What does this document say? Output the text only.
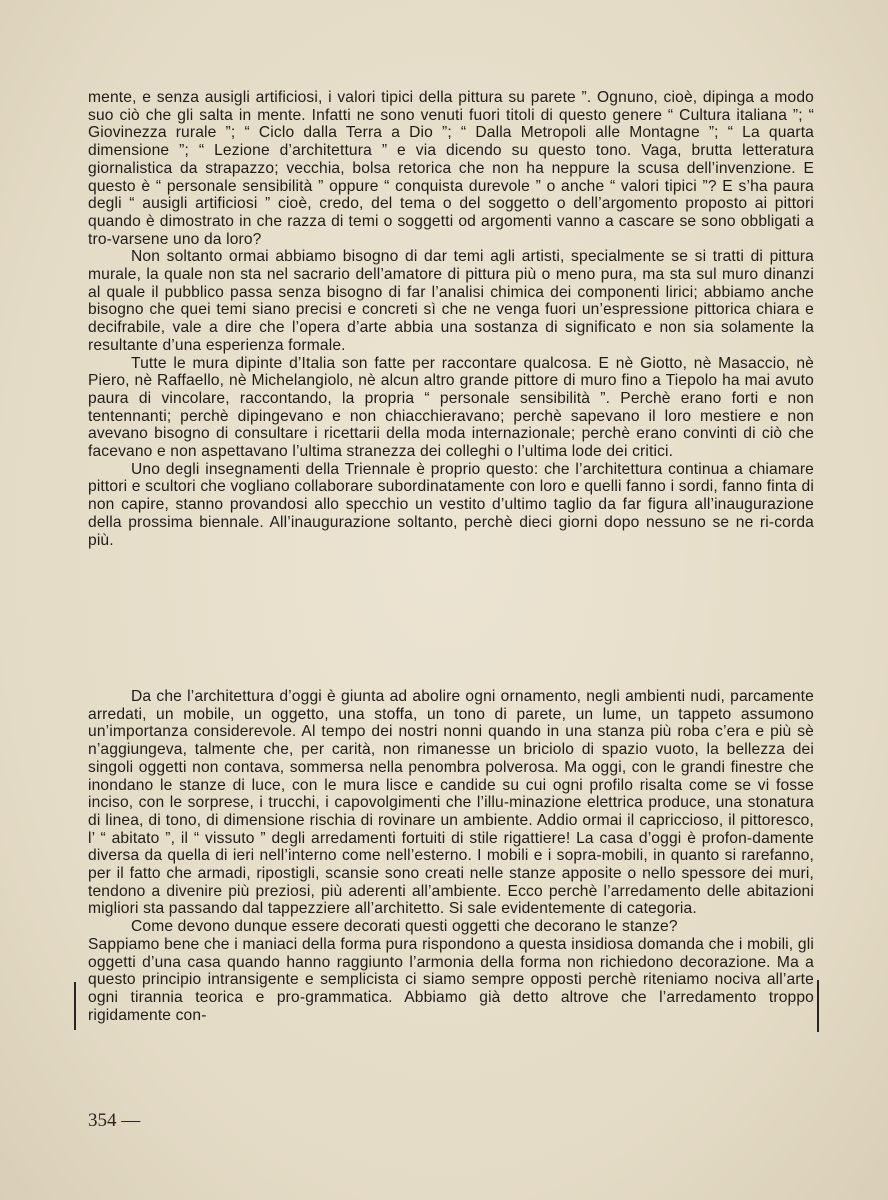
mente, e senza ausigli artificiosi, i valori tipici della pittura su parete ”. Ognuno, cioè, dipinga a modo suo ciò che gli salta in mente. Infatti ne sono venuti fuori titoli di questo genere “ Cultura italiana ”; “ Giovinezza rurale ”; “ Ciclo dalla Terra a Dio ”; “ Dalla Metropoli alle Montagne ”; “ La quarta dimensione ”; “ Lezione d’architettura ” e via dicendo su questo tono. Vaga, brutta letteratura giornalistica da strapazzo; vecchia, bolsa retorica che non ha neppure la scusa dell’invenzione. E questo è “ personale sensibilità ” oppure “ conquista durevole ” o anche “ valori tipici ”? E s’ha paura degli “ ausigli artificiosi ” cioè, credo, del tema o del soggetto o dell’argomento proposto ai pittori quando è dimostrato in che razza di temi o soggetti od argomenti vanno a cascare se sono obbligati a tro-varsene uno da loro?

Non soltanto ormai abbiamo bisogno di dar temi agli artisti, specialmente se si tratti di pittura murale, la quale non sta nel sacrario dell’amatore di pittura più o meno pura, ma sta sul muro dinanzi al quale il pubblico passa senza bisogno di far l’analisi chimica dei componenti lirici; abbiamo anche bisogno che quei temi siano precisi e concreti sì che ne venga fuori un’espressione pittorica chiara e decifrabile, vale a dire che l’opera d’arte abbia una sostanza di significato e non sia solamente la resultante d’una esperienza formale.

Tutte le mura dipinte d’Italia son fatte per raccontare qualcosa. E nè Giotto, nè Masaccio, nè Piero, nè Raffaello, nè Michelangiolo, nè alcun altro grande pittore di muro fino a Tiepolo ha mai avuto paura di vincolare, raccontando, la propria “ personale sensibilità ”. Perchè erano forti e non tentennanti; perchè dipingevano e non chiacchieravano; perchè sapevano il loro mestiere e non avevano bisogno di consultare i ricettarii della moda internazionale; perchè erano convinti di ciò che facevano e non aspettavano l’ultima stranezza dei colleghi o l’ultima lode dei critici.

Uno degli insegnamenti della Triennale è proprio questo: che l’architettura continua a chiamare pittori e scultori che vogliano collaborare subordinatamente con loro e quelli fanno i sordi, fanno finta di non capire, stanno provandosi allo specchio un vestito d’ultimo taglio da far figura all’inaugurazione della prossima biennale. All’inaugurazione soltanto, perchè dieci giorni dopo nessuno se ne ri-corda più.

Da che l’architettura d’oggi è giunta ad abolire ogni ornamento, negli ambienti nudi, parcamente arredati, un mobile, un oggetto, una stoffa, un tono di parete, un lume, un tappeto assumono un’importanza considerevole. Al tempo dei nostri nonni quando in una stanza più roba c’era e più sè n’aggiungeva, talmente che, per carità, non rimanesse un briciolo di spazio vuoto, la bellezza dei singoli oggetti non contava, sommersa nella penombra polverosa. Ma oggi, con le grandi finestre che inondano le stanze di luce, con le mura lisce e candide su cui ogni profilo risalta come se vi fosse inciso, con le sorprese, i trucchi, i capovolgimenti che l’illu-minazione elettrica produce, una stonatura di linea, di tono, di dimensione rischia di rovinare un ambiente. Addio ormai il capriccioso, il pittoresco, l’ “ abitato ”, il “ vissuto ” degli arredamenti fortuiti di stile rigattiere! La casa d’oggi è profon-damente diversa da quella di ieri nell’interno come nell’esterno. I mobili e i sopra-mobili, in quanto si rarefanno, per il fatto che armadi, ripostigli, scansie sono creati nelle stanze apposite o nello spessore dei muri, tendono a divenire più preziosi, più aderenti all’ambiente. Ecco perchè l’arredamento delle abitazioni migliori sta passando dal tappezziere all’architetto. Si sale evidentemente di categoria.

Come devono dunque essere decorati questi oggetti che decorano le stanze?

Sappiamo bene che i maniaci della forma pura rispondono a questa insidiosa domanda che i mobili, gli oggetti d’una casa quando hanno raggiunto l’armonia della forma non richiedono decorazione. Ma a questo principio intransigente e semplicista ci siamo sempre opposti perchè riteniamo nociva all’arte ogni tirannia teorica e pro-grammatica. Abbiamo già detto altrove che l’arredamento troppo rigidamente con-

354 —
